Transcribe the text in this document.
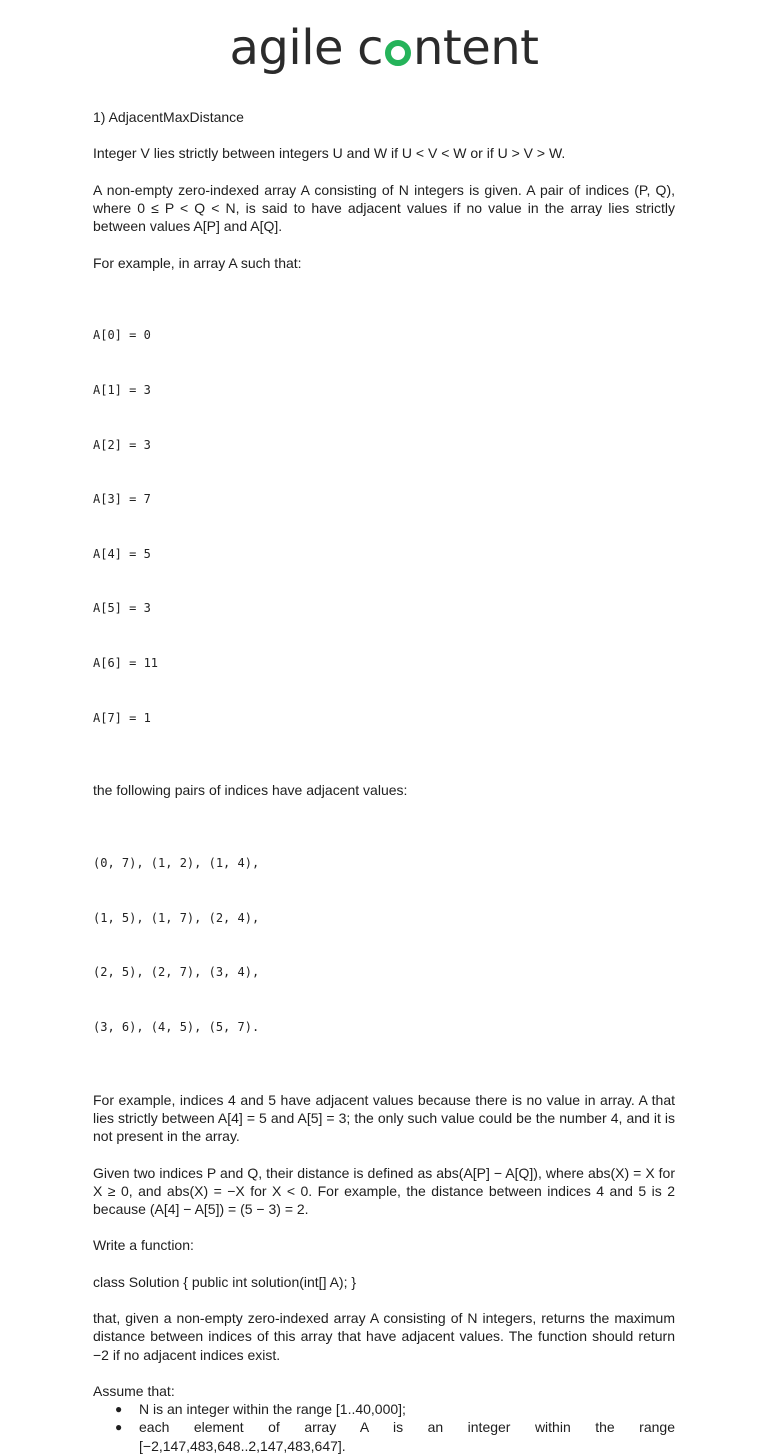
agile c ntent

1) AdjacentMaxDistance

Integer V lies strictly between integers U and W if U < V < W or if U > V > W.

A non-empty zero-indexed array A consisting of N integers is given. A pair of indices (P, Q), where 0 ≤ P < Q < N, is said to have adjacent values if no value in the array lies strictly between values A[P] and A[Q].

For example, in array A such that:

A[0] = 0

A[1] = 3

A[2] = 3

A[3] = 7

A[4] = 5

A[5] = 3

A[6] = 11

A[7] = 1

the following pairs of indices have adjacent values:

(0, 7), (1, 2), (1, 4),

(1, 5), (1, 7), (2, 4),

(2, 5), (2, 7), (3, 4),

(3, 6), (4, 5), (5, 7).

For example, indices 4 and 5 have adjacent values because there is no value in array. A that lies strictly between A[4] = 5 and A[5] = 3; the only such value could be the number 4, and it is not present in the array.

Given two indices P and Q, their distance is defined as abs(A[P] − A[Q]), where abs(X) = X for X ≥ 0, and abs(X) = −X for X < 0. For example, the distance between indices 4 and 5 is 2 because (A[4] − A[5]) = (5 − 3) = 2.

Write a function:

class Solution { public int solution(int[] A); }

that, given a non-empty zero-indexed array A consisting of N integers, returns the maximum distance between indices of this array that have adjacent values. The function should return −2 if no adjacent indices exist.

Assume that:

● N is an integer within the range [1..40,000];
● each element of array A is an integer within the range [−2,147,483,648..2,147,483,647].
